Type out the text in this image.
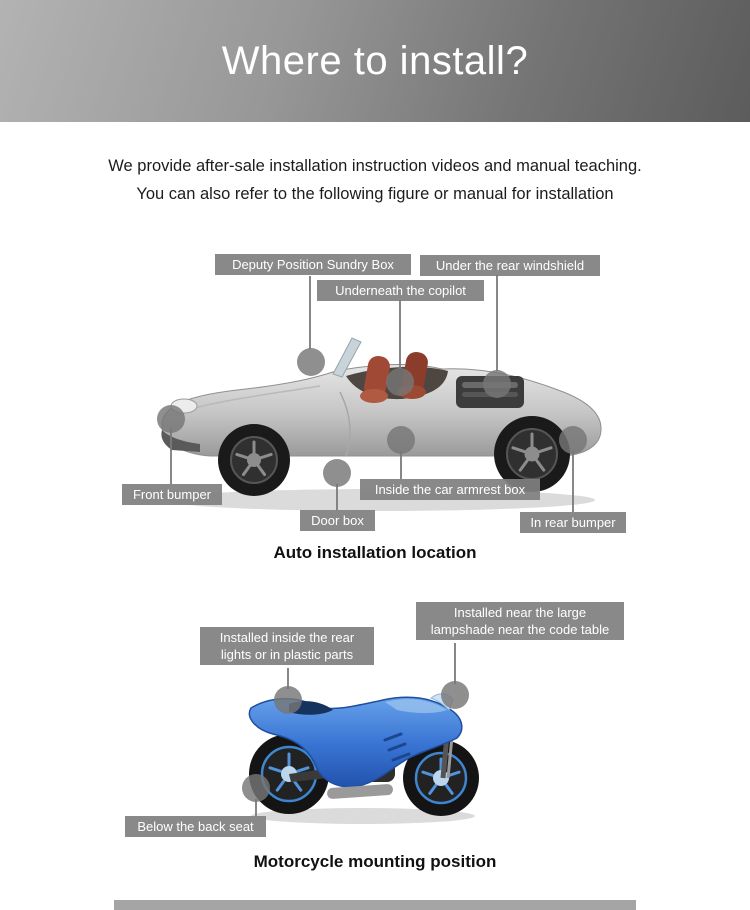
Where to install?

We provide after-sale installation instruction videos and manual teaching.

You can also refer to the following figure or manual for installation

Deputy Position Sundry Box	Under the rear windshield
Underneath the copilot
Front bumper	Inside the car armrest box
Door box	In rear bumper
Auto installation location
Installed near the large lampshade near the code table
Installed inside the rear lights or in plastic parts
Below the back seat
Motorcycle mounting position
